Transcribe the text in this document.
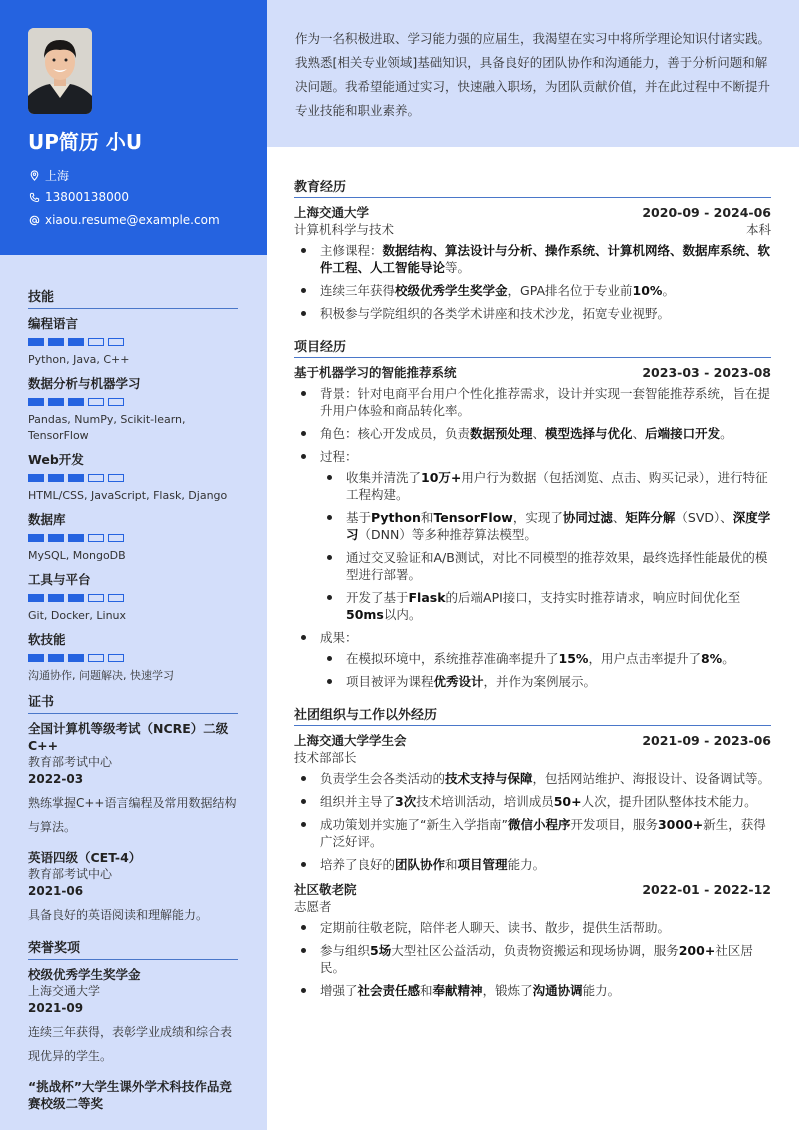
UP简历 小U
上海
13800138000
xiaou.resume@example.com
技能
编程语言
Python, Java, C++
数据分析与机器学习
Pandas, NumPy, Scikit-learn, TensorFlow
Web开发
HTML/CSS, JavaScript, Flask, Django
数据库
MySQL, MongoDB
工具与平台
Git, Docker, Linux
软技能
沟通协作, 问题解决, 快速学习
证书
全国计算机等级考试（NCRE）二级C++
教育部考试中心
2022-03
熟练掌握C++语言编程及常用数据结构与算法。
英语四级（CET-4）
教育部考试中心
2021-06
具备良好的英语阅读和理解能力。
荣誉奖项
校级优秀学生奖学金
上海交通大学
2021-09
连续三年获得，表彰学业成绩和综合表现优异的学生。
“挑战杯”大学生课外学术科技作品竞赛校级二等奖
作为一名积极进取、学习能力强的应届生，我渴望在实习中将所学理论知识付诸实践。我熟悉[相关专业领域]基础知识，具备良好的团队协作和沟通能力，善于分析问题和解决问题。我希望能通过实习，快速融入职场，为团队贡献价值，并在此过程中不断提升专业技能和职业素养。
教育经历
上海交通大学	2020-09 - 2024-06
计算机科学与技术	本科
主修课程：数据结构、算法设计与分析、操作系统、计算机网络、数据库系统、软件工程、人工智能导论等。
连续三年获得校级优秀学生奖学金，GPA排名位于专业前10%。
积极参与学院组织的各类学术讲座和技术沙龙，拓宽专业视野。
项目经历
基于机器学习的智能推荐系统	2023-03 - 2023-08
背景：针对电商平台用户个性化推荐需求，设计并实现一套智能推荐系统，旨在提升用户体验和商品转化率。
角色：核心开发成员，负责数据预处理、模型选择与优化、后端接口开发。
过程：
收集并清洗了10万+用户行为数据（包括浏览、点击、购买记录），进行特征工程构建。
基于Python和TensorFlow，实现了协同过滤、矩阵分解（SVD）、深度学习（DNN）等多种推荐算法模型。
通过交叉验证和A/B测试，对比不同模型的推荐效果，最终选择性能最优的模型进行部署。
开发了基于Flask的后端API接口，支持实时推荐请求，响应时间优化至50ms以内。
成果：
在模拟环境中，系统推荐准确率提升了15%，用户点击率提升了8%。
项目被评为课程优秀设计，并作为案例展示。
社团组织与工作以外经历
上海交通大学学生会	2021-09 - 2023-06
技术部部长
负责学生会各类活动的技术支持与保障，包括网站维护、海报设计、设备调试等。
组织并主导了3次技术培训活动，培训成员50+人次，提升团队整体技术能力。
成功策划并实施了“新生入学指南”微信小程序开发项目，服务3000+新生，获得广泛好评。
培养了良好的团队协作和项目管理能力。
社区敬老院	2022-01 - 2022-12
志愿者
定期前往敬老院，陪伴老人聊天、读书、散步，提供生活帮助。
参与组织5场大型社区公益活动，负责物资搬运和现场协调，服务200+社区居民。
增强了社会责任感和奉献精神，锻炼了沟通协调能力。
